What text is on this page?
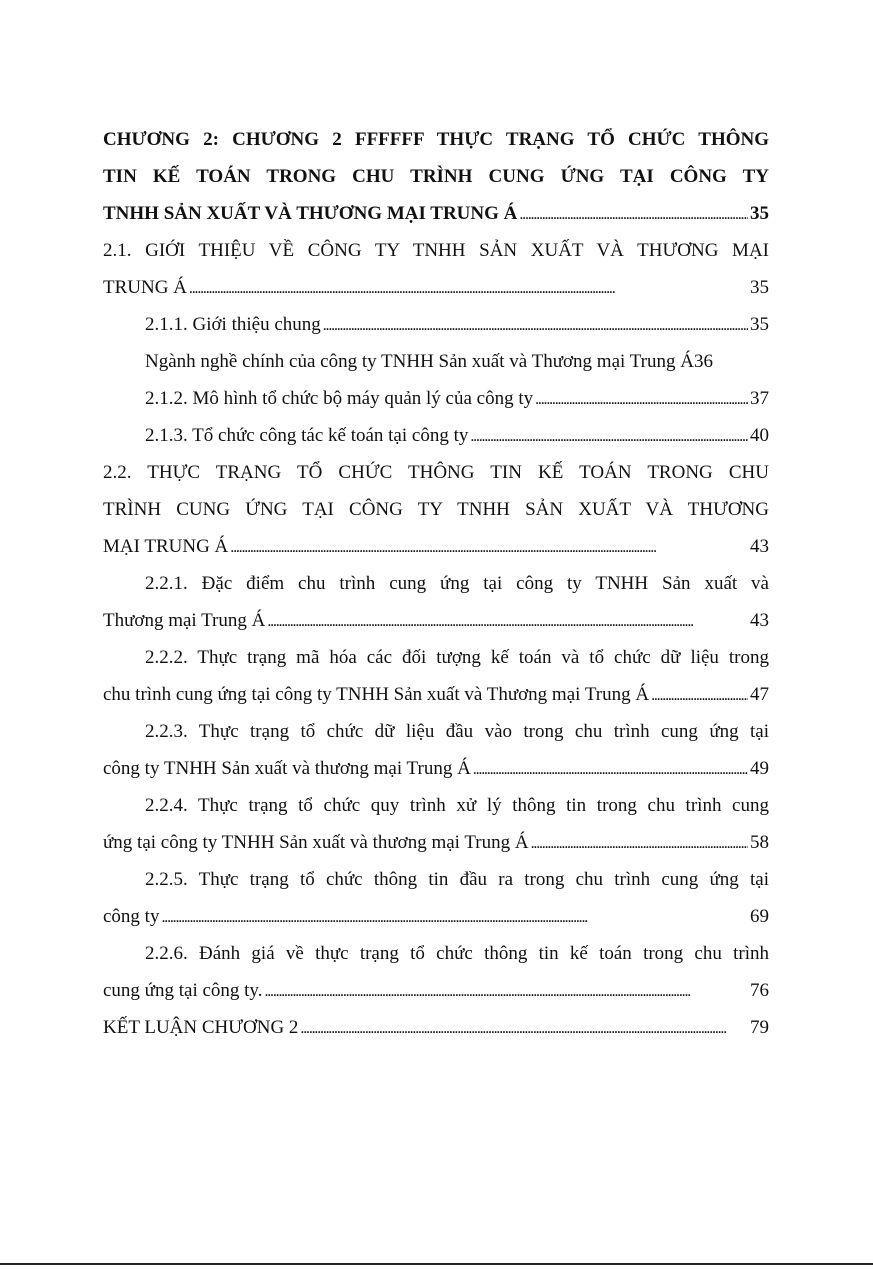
CHƯƠNG 2: CHƯƠNG 2 FFFFFF THỰC TRẠNG TỔ CHỨC THÔNG
TIN KẾ TOÁN TRONG CHU TRÌNH CUNG ỨNG TẠI CÔNG TY
TNHH SẢN XUẤT VÀ THƯƠNG MẠI TRUNG Á . . .	35
2.1. GIỚI THIỆU VỀ CÔNG TY TNHH SẢN XUẤT VÀ THƯƠNG MẠI
TRUNG Á . . .	35
2.1.1. Giới thiệu chung . . .	35
Ngành nghề chính của công ty TNHH Sản xuất và Thương mại Trung Á 36
2.1.2. Mô hình tổ chức bộ máy quản lý của công ty . . .	37
2.1.3. Tổ chức công tác kế toán tại công ty . . .	40
2.2. THỰC TRẠNG TỔ CHỨC THÔNG TIN KẾ TOÁN TRONG CHU
TRÌNH CUNG ỨNG TẠI CÔNG TY TNHH SẢN XUẤT VÀ THƯƠNG
MẠI TRUNG Á . . .	43
2.2.1. Đặc điểm chu trình cung ứng tại công ty TNHH Sản xuất và
Thương mại Trung Á . . .	43
2.2.2. Thực trạng mã hóa các đối tượng kế toán và tổ chức dữ liệu trong
chu trình cung ứng tại công ty TNHH Sản xuất và Thương mại Trung Á . . .	47
2.2.3. Thực trạng tổ chức dữ liệu đầu vào trong chu trình cung ứng tại
công ty TNHH Sản xuất và thương mại Trung Á . . .	49
2.2.4. Thực trạng tổ chức quy trình xử lý thông tin trong chu trình cung
ứng tại công ty TNHH Sản xuất và thương mại Trung Á . . .	58
2.2.5. Thực trạng tổ chức thông tin đầu ra trong chu trình cung ứng tại
công ty . . .	69
2.2.6. Đánh giá về thực trạng tổ chức thông tin kế toán trong chu trình
cung ứng tại công ty. . . .	76
KẾT LUẬN CHƯƠNG 2 . . .	79
